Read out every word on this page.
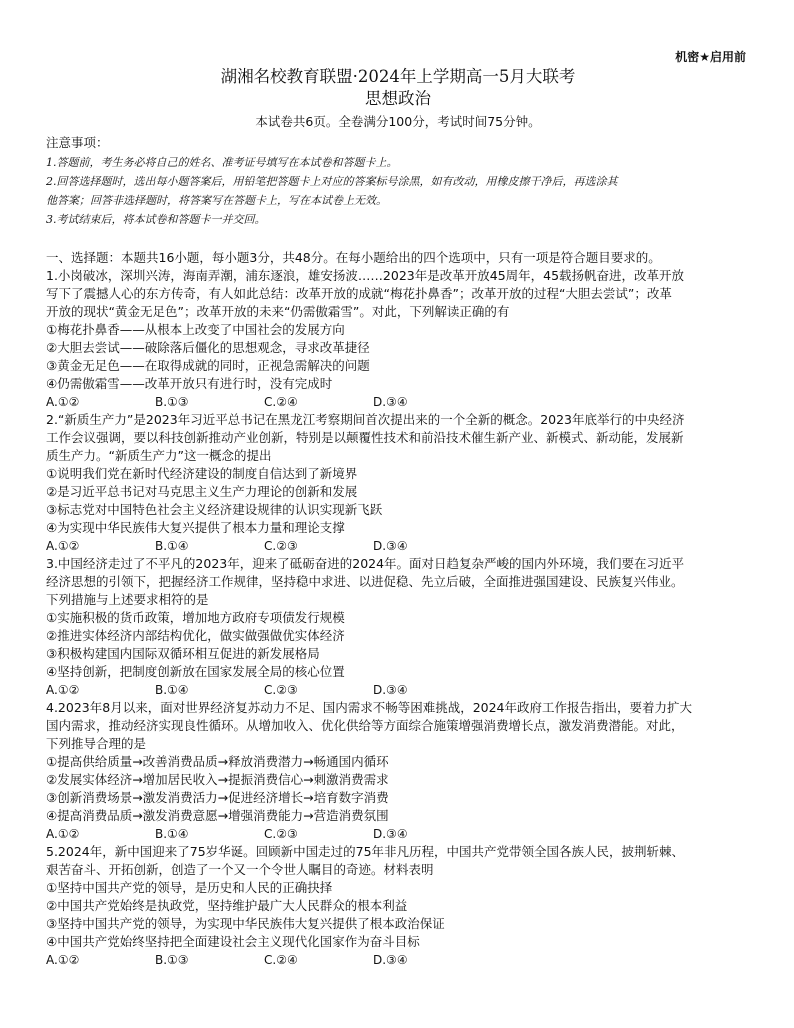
机密★启用前
湖湘名校教育联盟·2024年上学期高一5月大联考
思想政治
本试卷共6页。全卷满分100分，考试时间75分钟。
注意事项：
1.答题前，考生务必将自己的姓名、准考证号填写在本试卷和答题卡上。
2.回答选择题时，选出每小题答案后，用铅笔把答题卡上对应的答案标号涂黑，如有改动，用橡皮擦干净后，再选涂其
他答案；回答非选择题时，将答案写在答题卡上，写在本试卷上无效。
3.考试结束后，将本试卷和答题卡一并交回。
一、选择题：本题共16小题，每小题3分，共48分。在每小题给出的四个选项中，只有一项是符合题目要求的。
1.小岗破冰，深圳兴涛，海南弄潮，浦东逐浪，雄安扬波……2023年是改革开放45周年，45载扬帆奋进，改革开放
写下了震撼人心的东方传奇，有人如此总结：改革开放的成就“梅花扑鼻香”；改革开放的过程“大胆去尝试”；改革
开放的现状“黄金无足色”；改革开放的未来“仍需傲霜雪”。对此，下列解读正确的有
①梅花扑鼻香——从根本上改变了中国社会的发展方向
②大胆去尝试——破除落后僵化的思想观念，寻求改革捷径
③黄金无足色——在取得成就的同时，正视急需解决的问题
④仍需傲霜雪——改革开放只有进行时，没有完成时
A.①②	B.①③	C.②④	D.③④
2.“新质生产力”是2023年习近平总书记在黑龙江考察期间首次提出来的一个全新的概念。2023年底举行的中央经济
工作会议强调，要以科技创新推动产业创新，特别是以颠覆性技术和前沿技术催生新产业、新模式、新动能，发展新
质生产力。“新质生产力”这一概念的提出
①说明我们党在新时代经济建设的制度自信达到了新境界
②是习近平总书记对马克思主义生产力理论的创新和发展
③标志党对中国特色社会主义经济建设规律的认识实现新飞跃
④为实现中华民族伟大复兴提供了根本力量和理论支撑
A.①②	B.①④	C.②③	D.③④
3.中国经济走过了不平凡的2023年，迎来了砥砺奋进的2024年。面对日趋复杂严峻的国内外环境，我们要在习近平
经济思想的引领下，把握经济工作规律，坚持稳中求进、以进促稳、先立后破，全面推进强国建设、民族复兴伟业。
下列措施与上述要求相符的是
①实施积极的货币政策，增加地方政府专项债发行规模
②推进实体经济内部结构优化，做实做强做优实体经济
③积极构建国内国际双循环相互促进的新发展格局
④坚持创新，把制度创新放在国家发展全局的核心位置
A.①②	B.①④	C.②③	D.③④
4.2023年8月以来，面对世界经济复苏动力不足、国内需求不畅等困难挑战，2024年政府工作报告指出，要着力扩大
国内需求，推动经济实现良性循环。从增加收入、优化供给等方面综合施策增强消费增长点，激发消费潜能。对此，
下列推导合理的是
①提高供给质量→改善消费品质→释放消费潜力→畅通国内循环
②发展实体经济→增加居民收入→提振消费信心→刺激消费需求
③创新消费场景→激发消费活力→促进经济增长→培育数字消费
④提高消费品质→激发消费意愿→增强消费能力→营造消费氛围
A.①②	B.①④	C.②③	D.③④
5.2024年，新中国迎来了75岁华诞。回顾新中国走过的75年非凡历程，中国共产党带领全国各族人民，披荆斩棘、
艰苦奋斗、开拓创新，创造了一个又一个令世人瞩目的奇迹。材料表明
①坚持中国共产党的领导，是历史和人民的正确抉择
②中国共产党始终是执政党，坚持维护最广大人民群众的根本利益
③坚持中国共产党的领导，为实现中华民族伟大复兴提供了根本政治保证
④中国共产党始终坚持把全面建设社会主义现代化国家作为奋斗目标
A.①②	B.①③	C.②④	D.③④
